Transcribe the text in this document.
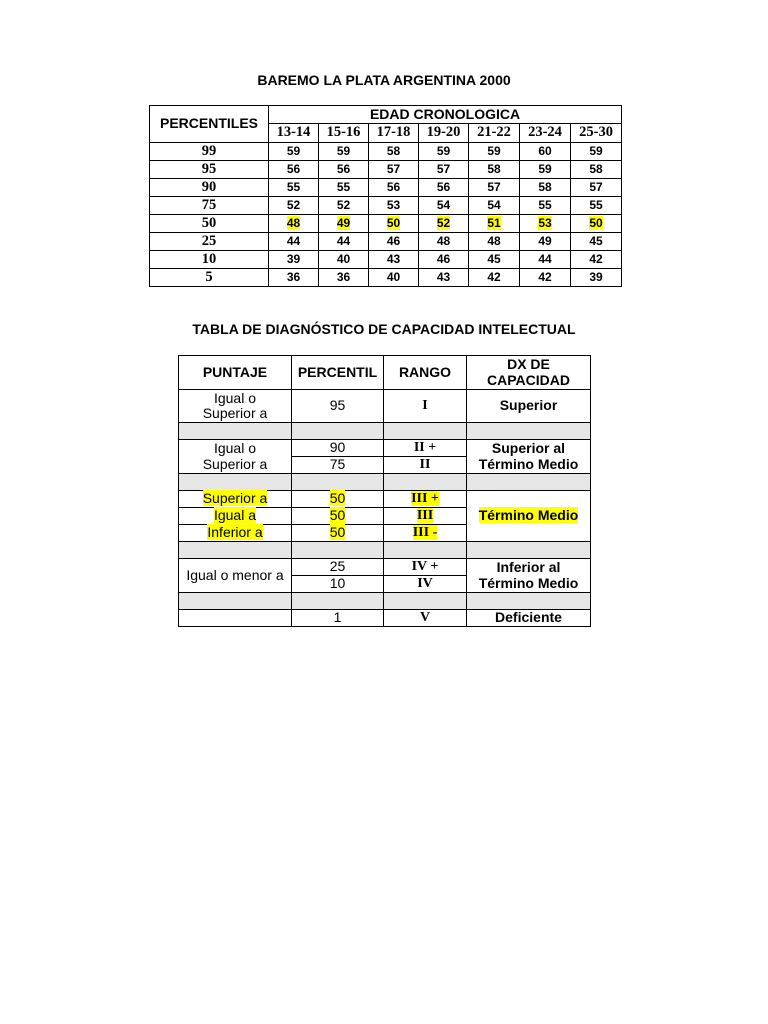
BAREMO LA PLATA ARGENTINA 2000
PERCENTILES	EDAD CRONOLOGICA						
	13-14	15-16	17-18	19-20	21-22	23-24	25-30
99	59	59	58	59	59	60	59
95	56	56	57	57	58	59	58
90	55	55	56	56	57	58	57
75	52	52	53	54	54	55	55
50	48	49	50	52	51	53	50
25	44	44	46	48	48	49	45
10	39	40	43	46	45	44	42
5	36	36	40	43	42	42	39
TABLA DE DIAGNÓSTICO DE CAPACIDAD INTELECTUAL
PUNTAJE	PERCENTIL	RANGO	DX DE CAPACIDAD
Igual o Superior a	95	I	Superior

Igual o Superior a	90	II +	Superior al Término Medio
	75	II	

Superior a	50	III +	Término Medio
Igual a	50	III	
Inferior a	50	III -	

Igual o menor a	25	IV +	Inferior al Término Medio
	10	IV	

	1	V	Deficiente
